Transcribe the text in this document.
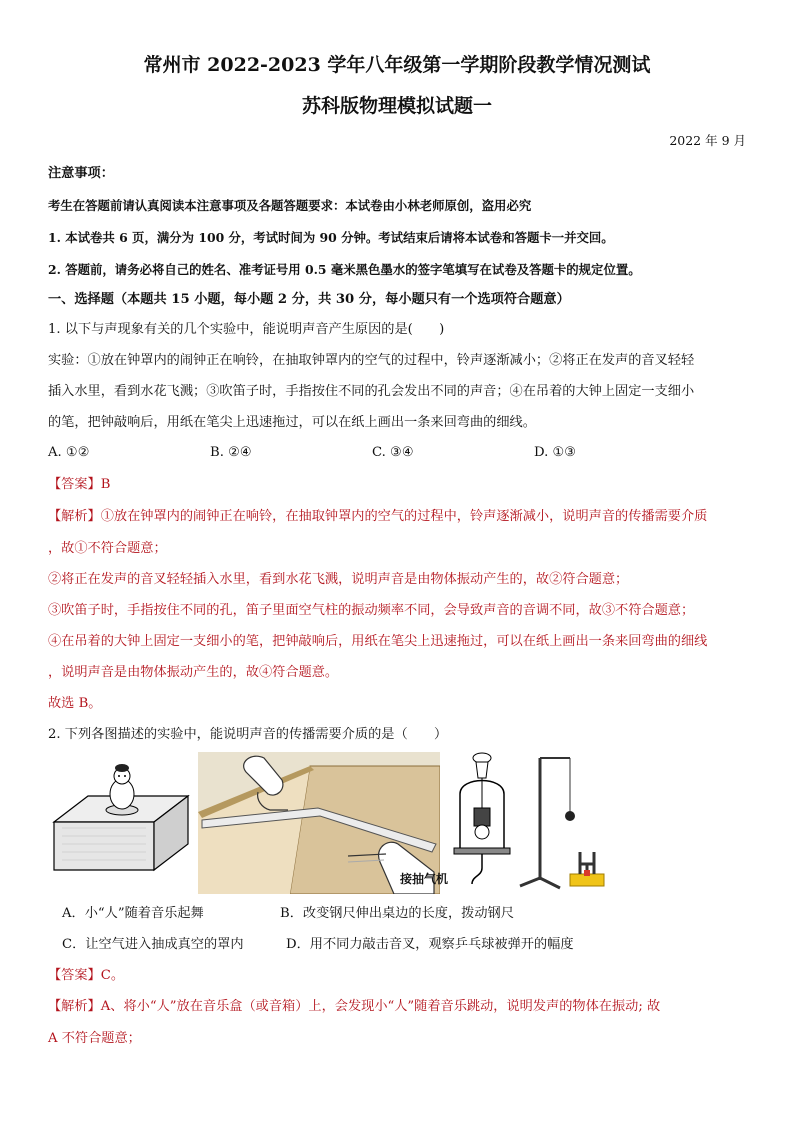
常州市 2022-2023 学年八年级第一学期阶段教学情况测试
苏科版物理模拟试题一
2022 年 9 月
注意事项：
考生在答题前请认真阅读本注意事项及各题答题要求：本试卷由小林老师原创，盗用必究
1. 本试卷共 6 页，满分为 100 分，考试时间为 90 分钟。考试结束后请将本试卷和答题卡一并交回。
2. 答题前，请务必将自己的姓名、准考证号用 0.5 毫米黑色墨水的签字笔填写在试卷及答题卡的规定位置。
一、选择题（本题共 15 小题，每小题 2 分，共 30 分，每小题只有一个选项符合题意）
1. 以下与声现象有关的几个实验中，能说明声音产生原因的是(　　)
实验：①放在钟罩内的闹钟正在响铃，在抽取钟罩内的空气的过程中，铃声逐渐减小；②将正在发声的音叉轻轻
插入水里，看到水花飞溅；③吹笛子时，手指按住不同的孔会发出不同的声音；④在吊着的大钟上固定一支细小
的笔，把钟敲响后，用纸在笔尖上迅速拖过，可以在纸上画出一条来回弯曲的细线。
A. ①②	B. ②④	C. ③④	D. ①③
【答案】B
【解析】①放在钟罩内的闹钟正在响铃，在抽取钟罩内的空气的过程中，铃声逐渐减小，说明声音的传播需要介质
，故①不符合题意；
②将正在发声的音叉轻轻插入水里，看到水花飞溅，说明声音是由物体振动产生的，故②符合题意；
③吹笛子时，手指按住不同的孔，笛子里面空气柱的振动频率不同，会导致声音的音调不同，故③不符合题意；
④在吊着的大钟上固定一支细小的笔，把钟敲响后，用纸在笔尖上迅速拖过，可以在纸上画出一条来回弯曲的细线
，说明声音是由物体振动产生的，故④符合题意。
故选 B。
2. 下列各图描述的实验中，能说明声音的传播需要介质的是（　　）
接抽气机
A．小“人”随着音乐起舞	B．改变钢尺伸出桌边的长度，拨动钢尺
C．让空气进入抽成真空的罩内	D．用不同力敲击音叉，观察乒乓球被弹开的幅度
【答案】C。
【解析】A、将小“人”放在音乐盒（或音箱）上，会发现小“人”随着音乐跳动，说明发声的物体在振动; 故
A 不符合题意；
